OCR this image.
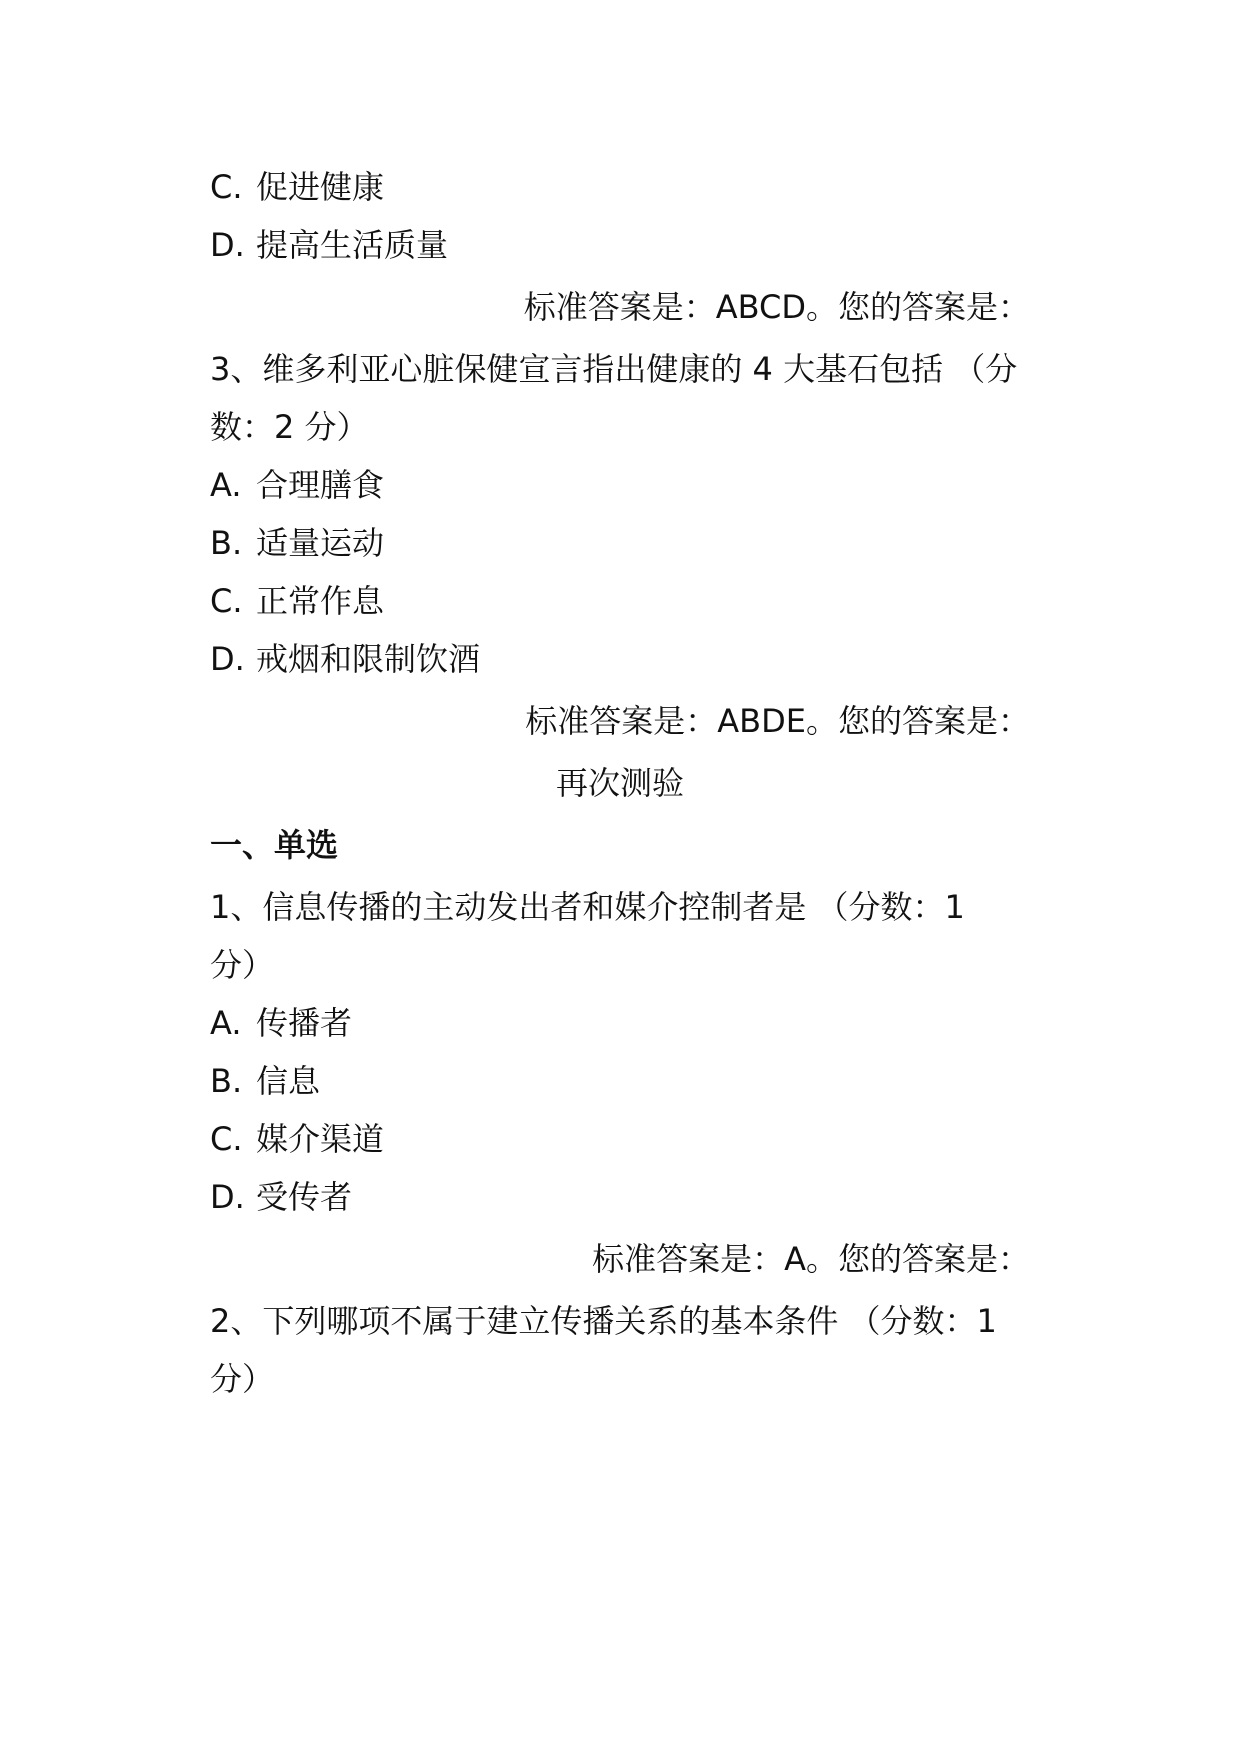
C. 促进健康
D. 提高生活质量
标准答案是：ABCD。您的答案是：
3、维多利亚心脏保健宣言指出健康的 4 大基石包括 （分
数：2 分）
A. 合理膳食
B. 适量运动
C. 正常作息
D. 戒烟和限制饮酒
标准答案是：ABDE。您的答案是：
再次测验
一、单选
1、信息传播的主动发出者和媒介控制者是 （分数：1
分）
A. 传播者
B. 信息
C. 媒介渠道
D. 受传者
标准答案是：A。您的答案是：
2、下列哪项不属于建立传播关系的基本条件 （分数：1
分）
